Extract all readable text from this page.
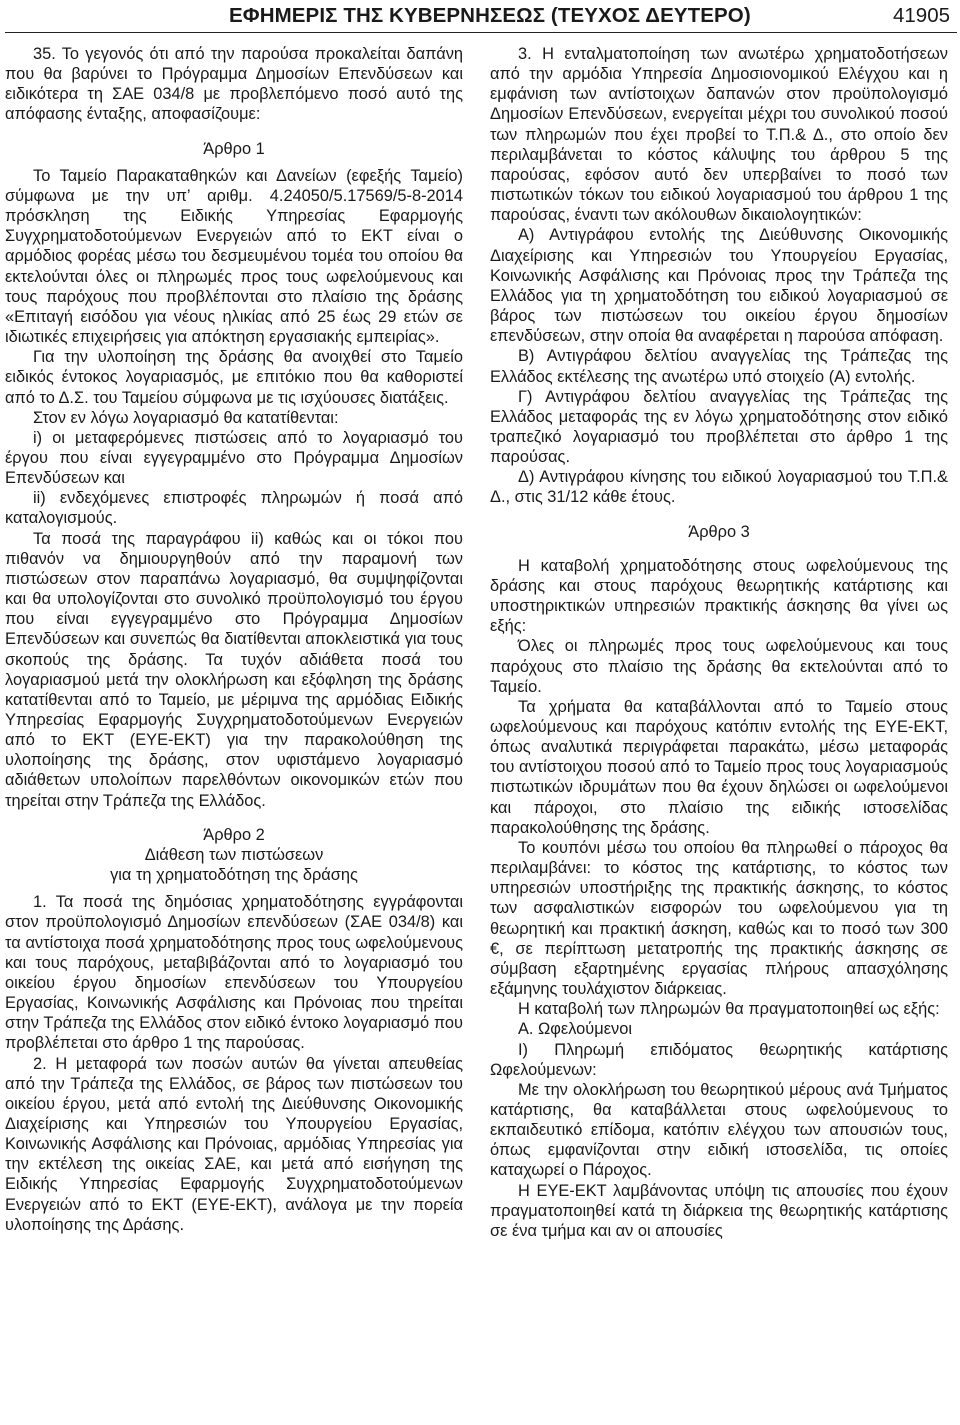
ΕΦΗΜΕΡΙΣ ΤΗΣ ΚΥΒΕΡΝΗΣΕΩΣ (ΤΕΥΧΟΣ ΔΕΥΤΕΡΟ)	41905

35. Το γεγονός ότι από την παρούσα προκαλείται δαπάνη που θα βαρύνει το Πρόγραμμα Δημοσίων Επενδύσεων και ειδικότερα τη ΣΑΕ 034/8 με προβλεπόμενο ποσό αυτό της απόφασης ένταξης, αποφασίζουμε:

Άρθρο 1

Το Ταμείο Παρακαταθηκών και Δανείων (εφεξής Ταμείο) σύμφωνα με την υπ’ αριθμ. 4.24050/5.17569/5-8-2014 πρόσκληση της Ειδικής Υπηρεσίας Εφαρμογής Συγχρηματοδοτούμενων Ενεργειών από το ΕΚΤ είναι ο αρμόδιος φορέας μέσω του δεσμευμένου τομέα του οποίου θα εκτελούνται όλες οι πληρωμές προς τους ωφελούμενους και τους παρόχους που προβλέπονται στο πλαίσιο της δράσης «Επιταγή εισόδου για νέους ηλικίας από 25 έως 29 ετών σε ιδιωτικές επιχειρήσεις για απόκτηση εργασιακής εμπειρίας».

Για την υλοποίηση της δράσης θα ανοιχθεί στο Ταμείο ειδικός έντοκος λογαριασμός, με επιτόκιο που θα καθοριστεί από το Δ.Σ. του Ταμείου σύμφωνα με τις ισχύουσες διατάξεις.

Στον εν λόγω λογαριασμό θα κατατίθενται:

i) οι μεταφερόμενες πιστώσεις από το λογαριασμό του έργου που είναι εγγεγραμμένο στο Πρόγραμμα Δημοσίων Επενδύσεων και

ii) ενδεχόμενες επιστροφές πληρωμών ή ποσά από καταλογισμούς.

Τα ποσά της παραγράφου ii) καθώς και οι τόκοι που πιθανόν να δημιουργηθούν από την παραμονή των πιστώσεων στον παραπάνω λογαριασμό, θα συμψηφίζονται και θα υπολογίζονται στο συνολικό προϋπολογισμό του έργου που είναι εγγεγραμμένο στο Πρόγραμμα Δημοσίων Επενδύσεων και συνεπώς θα διατίθενται αποκλειστικά για τους σκοπούς της δράσης. Τα τυχόν αδιάθετα ποσά του λογαριασμού μετά την ολοκλήρωση και εξόφληση της δράσης κατατίθενται από το Ταμείο, με μέριμνα της αρμόδιας Ειδικής Υπηρεσίας Εφαρμογής Συγχρηματοδοτούμενων Ενεργειών από το ΕΚΤ (ΕΥΕ-ΕΚΤ) για την παρακολούθηση της υλοποίησης της δράσης, στον υφιστάμενο λογαριασμό αδιάθετων υπολοίπων παρελθόντων οικονομικών ετών που τηρείται στην Τράπεζα της Ελλάδος.

Άρθρο 2

Διάθεση των πιστώσεων

για τη χρηματοδότηση της δράσης

1. Τα ποσά της δημόσιας χρηματοδότησης εγγράφονται στον προϋπολογισμό Δημοσίων επενδύσεων (ΣΑΕ 034/8) και τα αντίστοιχα ποσά χρηματοδότησης προς τους ωφελούμενους και τους παρόχους, μεταβιβάζονται από το λογαριασμό του οικείου έργου δημοσίων επενδύσεων του Υπουργείου Εργασίας, Κοινωνικής Ασφάλισης και Πρόνοιας που τηρείται στην Τράπεζα της Ελλάδος στον ειδικό έντοκο λογαριασμό που προβλέπεται στο άρθρο 1 της παρούσας.

2. Η μεταφορά των ποσών αυτών θα γίνεται απευθείας από την Τράπεζα της Ελλάδος, σε βάρος των πιστώσεων του οικείου έργου, μετά από εντολή της Διεύθυνσης Οικονομικής Διαχείρισης και Υπηρεσιών του Υπουργείου Εργασίας, Κοινωνικής Ασφάλισης και Πρόνοιας, αρμόδιας Υπηρεσίας για την εκτέλεση της οικείας ΣΑΕ, και μετά από εισήγηση της Ειδικής Υπηρεσίας Εφαρμογής Συγχρηματοδοτούμενων Ενεργειών από το ΕΚΤ (ΕΥΕ-ΕΚΤ), ανάλογα με την πορεία υλοποίησης της Δράσης.

3. Η ενταλματοποίηση των ανωτέρω χρηματοδοτήσεων από την αρμόδια Υπηρεσία Δημοσιονομικού Ελέγχου και η εμφάνιση των αντίστοιχων δαπανών στον προϋπολογισμό Δημοσίων Επενδύσεων, ενεργείται μέχρι του συνολικού ποσού των πληρωμών που έχει προβεί το Τ.Π.& Δ., στο οποίο δεν περιλαμβάνεται το κόστος κάλυψης του άρθρου 5 της παρούσας, εφόσον αυτό δεν υπερβαίνει το ποσό των πιστωτικών τόκων του ειδικού λογαριασμού του άρθρου 1 της παρούσας, έναντι των ακόλουθων δικαιολογητικών:

Α) Αντιγράφου εντολής της Διεύθυνσης Οικονομικής Διαχείρισης και Υπηρεσιών του Υπουργείου Εργασίας, Κοινωνικής Ασφάλισης και Πρόνοιας προς την Τράπεζα της Ελλάδος για τη χρηματοδότηση του ειδικού λογαριασμού σε βάρος των πιστώσεων του οικείου έργου δημοσίων επενδύσεων, στην οποία θα αναφέρεται η παρούσα απόφαση.

Β) Αντιγράφου δελτίου αναγγελίας της Τράπεζας της Ελλάδος εκτέλεσης της ανωτέρω υπό στοιχείο (Α) εντολής.

Γ) Αντιγράφου δελτίου αναγγελίας της Τράπεζας της Ελλάδος μεταφοράς της εν λόγω χρηματοδότησης στον ειδικό τραπεζικό λογαριασμό του προβλέπεται στο άρθρο 1 της παρούσας.

Δ) Αντιγράφου κίνησης του ειδικού λογαριασμού του Τ.Π.& Δ., στις 31/12 κάθε έτους.

Άρθρο 3

Η καταβολή χρηματοδότησης στους ωφελούμενους της δράσης και στους παρόχους θεωρητικής κατάρτισης και υποστηρικτικών υπηρεσιών πρακτικής άσκησης θα γίνει ως εξής:

Όλες οι πληρωμές προς τους ωφελούμενους και τους παρόχους στο πλαίσιο της δράσης θα εκτελούνται από το Ταμείο.

Τα χρήματα θα καταβάλλονται από το Ταμείο στους ωφελούμενους και παρόχους κατόπιν εντολής της ΕΥΕ-ΕΚΤ, όπως αναλυτικά περιγράφεται παρακάτω, μέσω μεταφοράς του αντίστοιχου ποσού από το Ταμείο προς τους λογαριασμούς πιστωτικών ιδρυμάτων που θα έχουν δηλώσει οι ωφελούμενοι και πάροχοι, στο πλαίσιο της ειδικής ιστοσελίδας παρακολούθησης της δράσης.

Το κουπόνι μέσω του οποίου θα πληρωθεί ο πάροχος θα περιλαμβάνει: το κόστος της κατάρτισης, το κόστος των υπηρεσιών υποστήριξης της πρακτικής άσκησης, το κόστος των ασφαλιστικών εισφορών του ωφελούμενου για τη θεωρητική και πρακτική άσκηση, καθώς και το ποσό των 300 €, σε περίπτωση μετατροπής της πρακτικής άσκησης σε σύμβαση εξαρτημένης εργασίας πλήρους απασχόλησης εξάμηνης τουλάχιστον διάρκειας.

Η καταβολή των πληρωμών θα πραγματοποιηθεί ως εξής:

Α. Ωφελούμενοι

Ι) Πληρωμή επιδόματος θεωρητικής κατάρτισης Ωφελούμενων:

Με την ολοκλήρωση του θεωρητικού μέρους ανά Τμήματος κατάρτισης, θα καταβάλλεται στους ωφελούμενους το εκπαιδευτικό επίδομα, κατόπιν ελέγχου των απουσιών τους, όπως εμφανίζονται στην ειδική ιστοσελίδα, τις οποίες καταχωρεί ο Πάροχος.

Η ΕΥΕ-ΕΚΤ λαμβάνοντας υπόψη τις απουσίες που έχουν πραγματοποιηθεί κατά τη διάρκεια της θεωρητικής κατάρτισης σε ένα τμήμα και αν οι απουσίες
